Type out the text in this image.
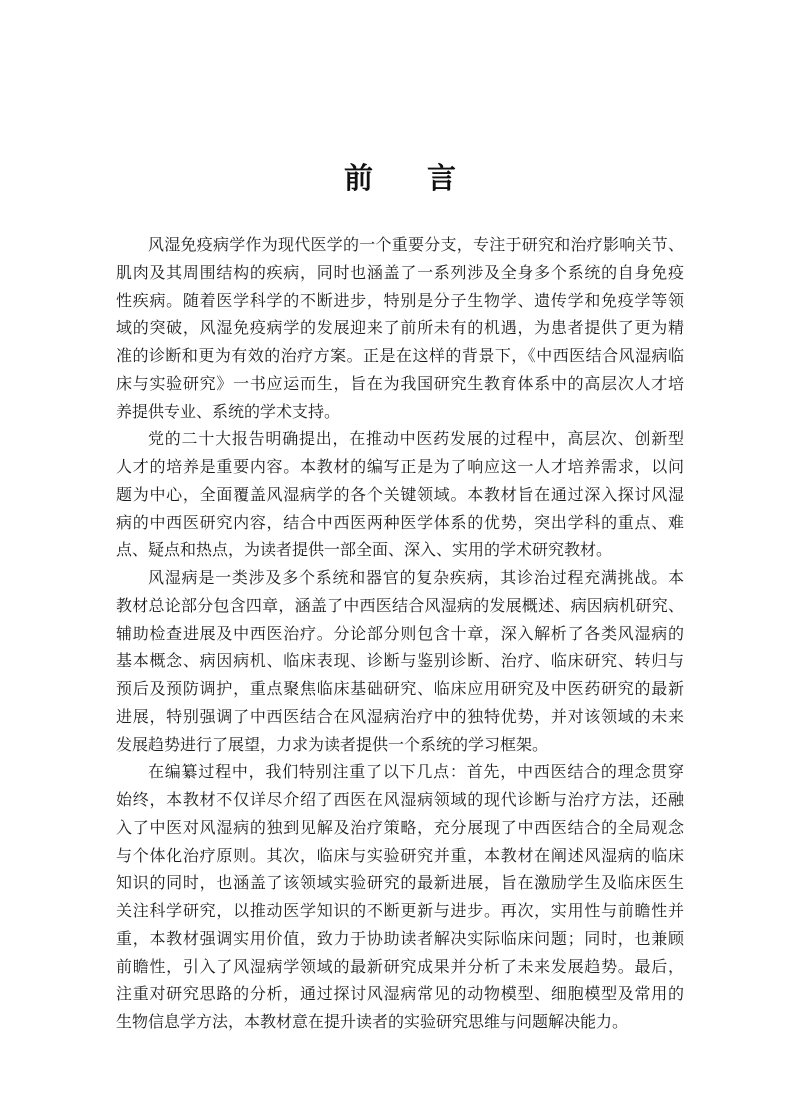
前言
风湿免疫病学作为现代医学的一个重要分支，专注于研究和治疗影响关节、
肌肉及其周围结构的疾病，同时也涵盖了一系列涉及全身多个系统的自身免疫
性疾病。随着医学科学的不断进步，特别是分子生物学、遗传学和免疫学等领
域的突破，风湿免疫病学的发展迎来了前所未有的机遇，为患者提供了更为精
准的诊断和更为有效的治疗方案。正是在这样的背景下，《中西医结合风湿病临
床与实验研究》一书应运而生，旨在为我国研究生教育体系中的高层次人才培
养提供专业、系统的学术支持。
党的二十大报告明确提出，在推动中医药发展的过程中，高层次、创新型
人才的培养是重要内容。本教材的编写正是为了响应这一人才培养需求，以问
题为中心，全面覆盖风湿病学的各个关键领域。本教材旨在通过深入探讨风湿
病的中西医研究内容，结合中西医两种医学体系的优势，突出学科的重点、难
点、疑点和热点，为读者提供一部全面、深入、实用的学术研究教材。
风湿病是一类涉及多个系统和器官的复杂疾病，其诊治过程充满挑战。本
教材总论部分包含四章，涵盖了中西医结合风湿病的发展概述、病因病机研究、
辅助检查进展及中西医治疗。分论部分则包含十章，深入解析了各类风湿病的
基本概念、病因病机、临床表现、诊断与鉴别诊断、治疗、临床研究、转归与
预后及预防调护，重点聚焦临床基础研究、临床应用研究及中医药研究的最新
进展，特别强调了中西医结合在风湿病治疗中的独特优势，并对该领域的未来
发展趋势进行了展望，力求为读者提供一个系统的学习框架。
在编纂过程中，我们特别注重了以下几点：首先，中西医结合的理念贯穿
始终，本教材不仅详尽介绍了西医在风湿病领域的现代诊断与治疗方法，还融
入了中医对风湿病的独到见解及治疗策略，充分展现了中西医结合的全局观念
与个体化治疗原则。其次，临床与实验研究并重，本教材在阐述风湿病的临床
知识的同时，也涵盖了该领域实验研究的最新进展，旨在激励学生及临床医生
关注科学研究，以推动医学知识的不断更新与进步。再次，实用性与前瞻性并
重，本教材强调实用价值，致力于协助读者解决实际临床问题；同时，也兼顾
前瞻性，引入了风湿病学领域的最新研究成果并分析了未来发展趋势。最后，
注重对研究思路的分析，通过探讨风湿病常见的动物模型、细胞模型及常用的
生物信息学方法，本教材意在提升读者的实验研究思维与问题解决能力。
